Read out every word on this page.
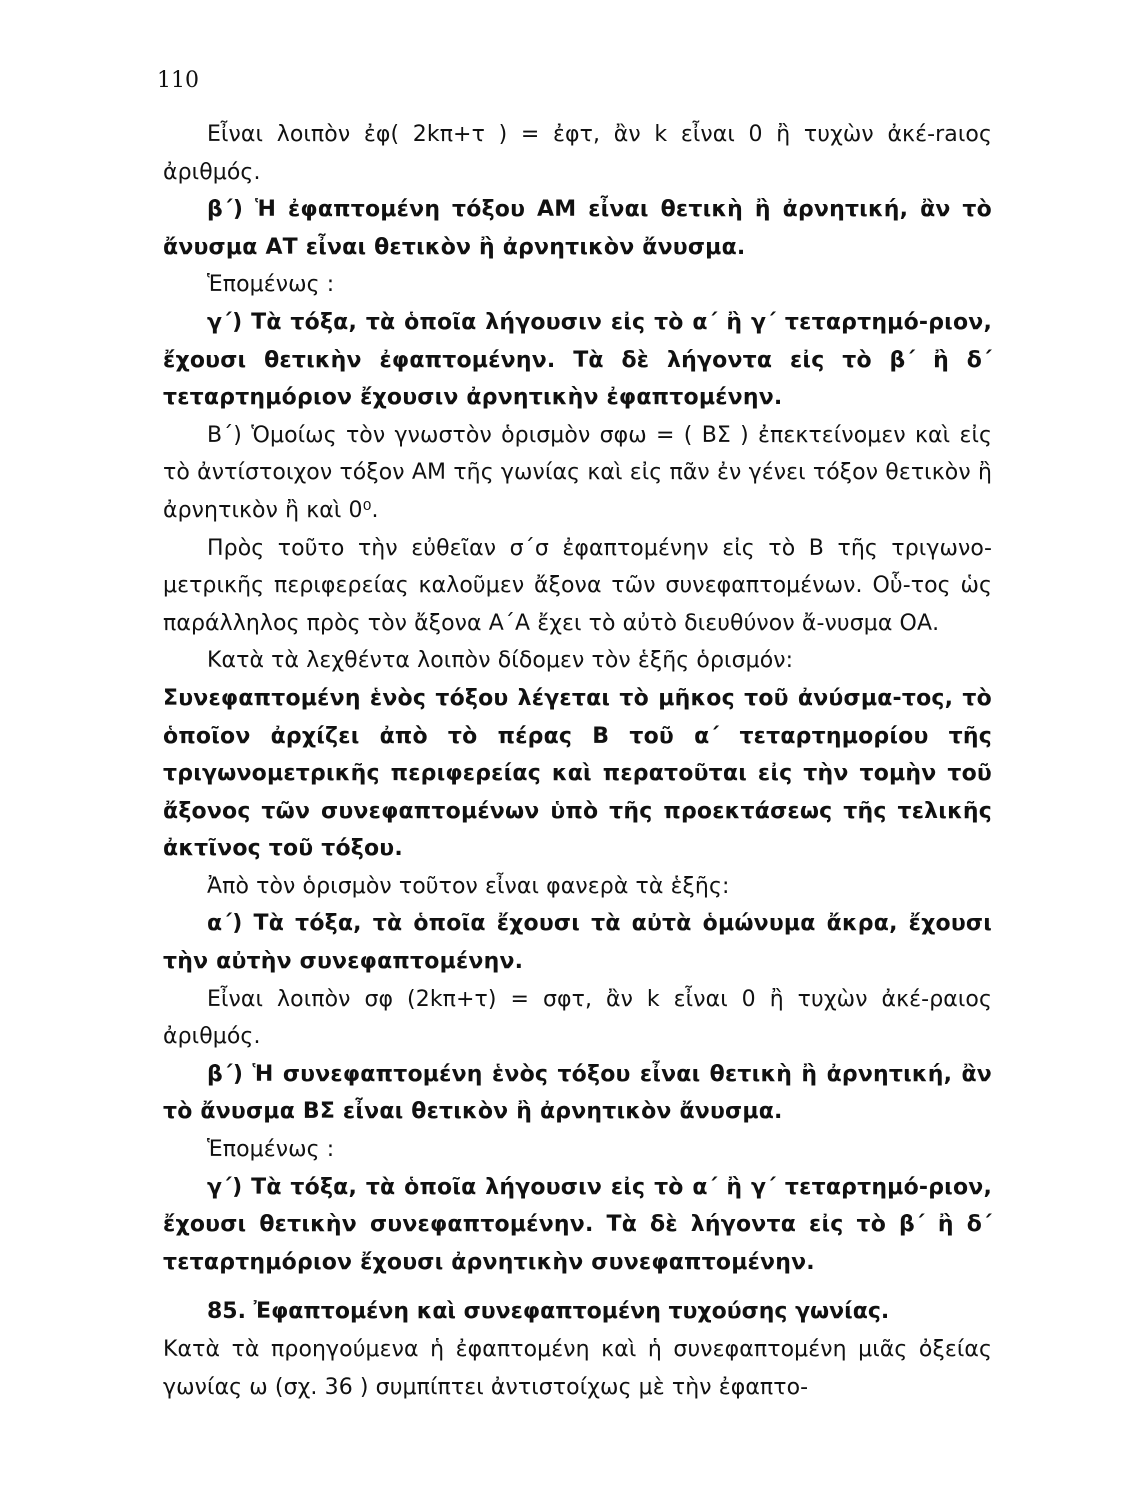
110

Εἶναι λοιπὸν ἐφ( 2kπ+τ ) = ἐφτ, ἂν k εἶναι 0 ἢ τυχὼν ἀκέ-raιος ἀριθμός.

β΄) Ἡ ἐφαπτομένη τόξου ΑΜ εἶναι θετικὴ ἢ ἀρνητική, ἂν τὸ ἄνυσμα ΑΤ εἶναι θετικὸν ἢ ἀρνητικὸν ἄνυσμα.

Ἑπομένως :

γ΄) Τὰ τόξα, τὰ ὁποῖα λήγουσιν εἰς τὸ α΄ ἢ γ΄ τεταρτημό-ριον, ἔχουσι θετικὴν ἐφαπτομένην. Τὰ δὲ λήγοντα εἰς τὸ β΄ ἢ δ΄ τεταρτημόριον ἔχουσιν ἀρνητικὴν ἐφαπτομένην.

Β΄) Ὁμοίως τὸν γνωστὸν ὁρισμὸν σφω = ( ΒΣ ) ἐπεκτείνομεν καὶ εἰς τὸ ἀντίστοιχον τόξον ΑΜ τῆς γωνίας καὶ εἰς πᾶν ἐν γένει τόξον θετικὸν ἢ ἀρνητικὸν ἢ καὶ 0⁰.

Πρὸς τοῦτο τὴν εὐθεῖαν σ΄σ ἐφαπτομένην εἰς τὸ Β τῆς τριγωνο-μετρικῆς περιφερείας καλοῦμεν ἄξονα τῶν συνεφαπτομένων. Οὗ-τος ὡς παράλληλος πρὸς τὸν ἄξονα Α΄Α ἔχει τὸ αὐτὸ διευθύνον ἄ-νυσμα ΟΑ.

Κατὰ τὰ λεχθέντα λοιπὸν δίδομεν τὸν ἑξῆς ὁρισμόν:

Συνεφαπτομένη ἑνὸς τόξου λέγεται τὸ μῆκος τοῦ ἀνύσμα-τος, τὸ ὁποῖον ἀρχίζει ἀπὸ τὸ πέρας Β τοῦ α΄ τεταρτημορίου τῆς τριγωνομετρικῆς περιφερείας καὶ περατοῦται εἰς τὴν τομὴν τοῦ ἄξονος τῶν συνεφαπτομένων ὑπὸ τῆς προεκτάσεως τῆς τελικῆς ἀκτῖνος τοῦ τόξου.

Ἀπὸ τὸν ὁρισμὸν τοῦτον εἶναι φανερὰ τὰ ἑξῆς:

α΄) Τὰ τόξα, τὰ ὁποῖα ἔχουσι τὰ αὐτὰ ὁμώνυμα ἄκρα, ἔχουσι τὴν αὐτὴν συνεφαπτομένην.

Εἶναι λοιπὸν σφ (2kπ+τ) = σφτ, ἂν k εἶναι 0 ἢ τυχὼν ἀκέ-ραιος ἀριθμός.

β΄) Ἡ συνεφαπτομένη ἑνὸς τόξου εἶναι θετικὴ ἢ ἀρνητική, ἂν τὸ ἄνυσμα ΒΣ εἶναι θετικὸν ἢ ἀρνητικὸν ἄνυσμα.

Ἑπομένως :

γ΄) Τὰ τόξα, τὰ ὁποῖα λήγουσιν εἰς τὸ α΄ ἢ γ΄ τεταρτημό-ριον, ἔχουσι θετικὴν συνεφαπτομένην. Τὰ δὲ λήγοντα εἰς τὸ β΄ ἢ δ΄ τεταρτημόριον ἔχουσι ἀρνητικὴν συνεφαπτομένην.

85. Ἐφαπτομένη καὶ συνεφαπτομένη τυχούσης γωνίας.

Κατὰ τὰ προηγούμενα ἡ ἐφαπτομένη καὶ ἡ συνεφαπτομένη μιᾶς ὀξείας γωνίας ω (σχ. 36 ) συμπίπτει ἀντιστοίχως μὲ τὴν ἐφαπτο-
